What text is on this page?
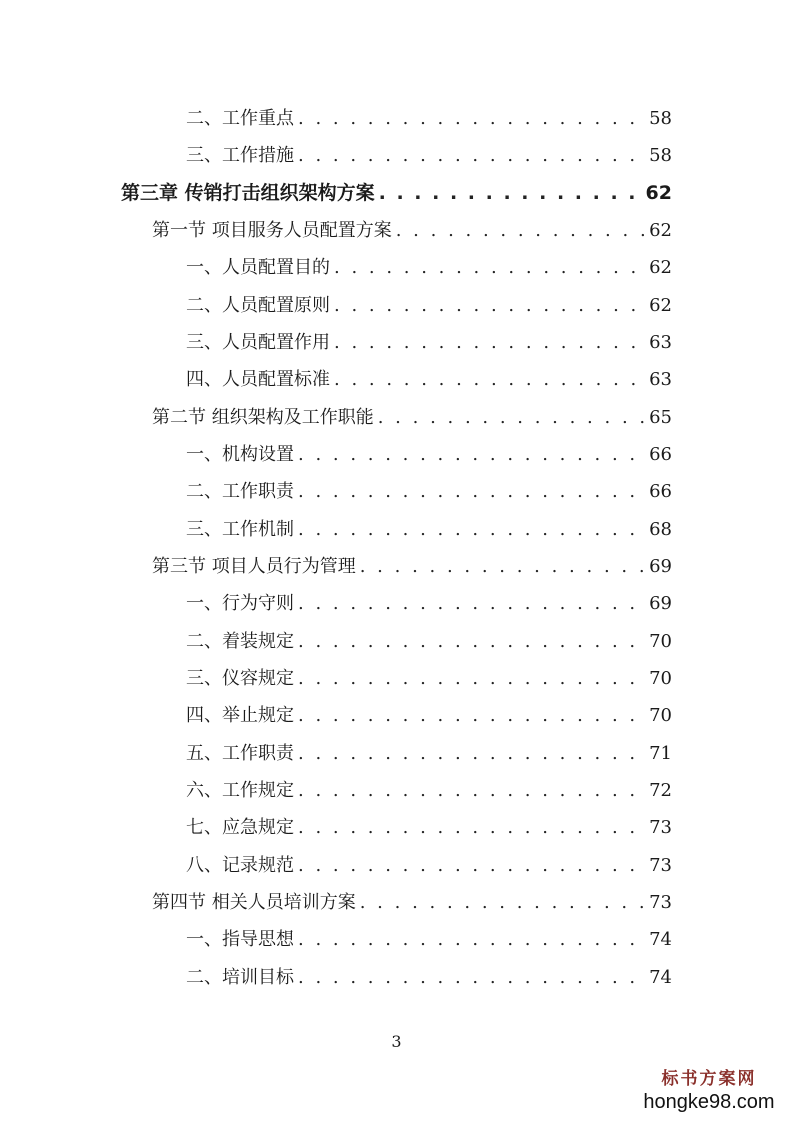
二、工作重点 . . .	58
三、工作措施 . . .	58
第三章 传销打击组织架构方案 . . .	62
第一节 项目服务人员配置方案 . . .	62
一、人员配置目的 . . .	62
二、人员配置原则 . . .	62
三、人员配置作用 . . .	63
四、人员配置标准 . . .	63
第二节 组织架构及工作职能 . . .	65
一、机构设置 . . .	66
二、工作职责 . . .	66
三、工作机制 . . .	68
第三节 项目人员行为管理 . . .	69
一、行为守则 . . .	69
二、着装规定 . . .	70
三、仪容规定 . . .	70
四、举止规定 . . .	70
五、工作职责 . . .	71
六、工作规定 . . .	72
七、应急规定 . . .	73
八、记录规范 . . .	73
第四节 相关人员培训方案 . . .	73
一、指导思想 . . .	74
二、培训目标 . . .	74
3
标书方案网
hongke98.com
